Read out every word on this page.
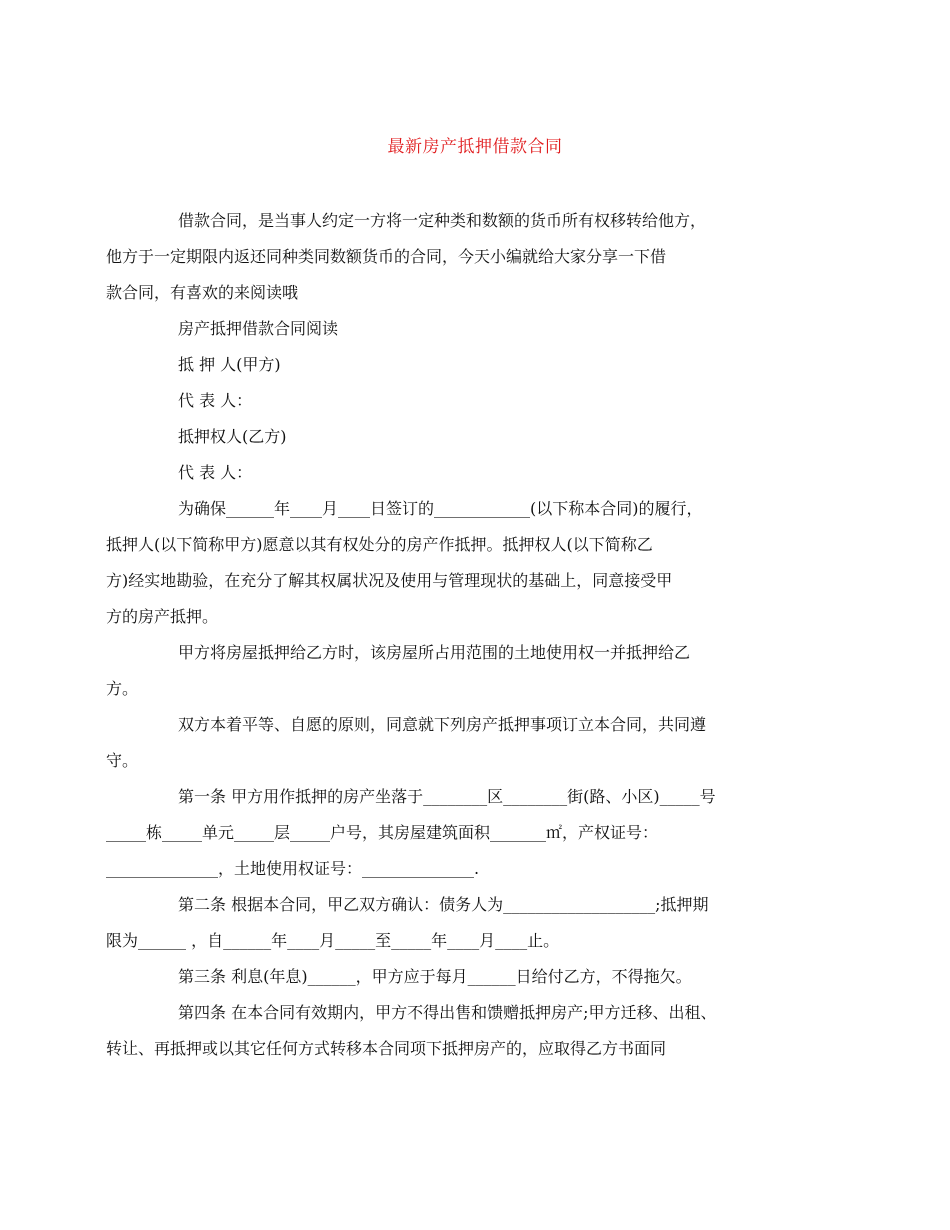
最新房产抵押借款合同

借款合同，是当事人约定一方将一定种类和数额的货币所有权移转给他方，
他方于一定期限内返还同种类同数额货币的合同，今天小编就给大家分享一下借
款合同，有喜欢的来阅读哦

房产抵押借款合同阅读

抵 押 人(甲方)

代 表 人：

抵押权人(乙方)

代 表 人：

为确保______年____月____日签订的____________(以下称本合同)的履行，
抵押人(以下简称甲方)愿意以其有权处分的房产作抵押。抵押权人(以下简称乙
方)经实地勘验，在充分了解其权属状况及使用与管理现状的基础上，同意接受甲
方的房产抵押。

甲方将房屋抵押给乙方时，该房屋所占用范围的土地使用权一并抵押给乙
方。

双方本着平等、自愿的原则，同意就下列房产抵押事项订立本合同，共同遵
守。

第一条 甲方用作抵押的房产坐落于________区________街(路、小区)_____号
_____栋_____单元_____层_____户号，其房屋建筑面积_______㎡，产权证号：
______________，土地使用权证号：______________.

第二条 根据本合同，甲乙双方确认：债务人为___________________;抵押期
限为______ ，自______年____月_____至_____年____月____止。

第三条 利息(年息)______，甲方应于每月______日给付乙方，不得拖欠。

第四条 在本合同有效期内，甲方不得出售和馈赠抵押房产;甲方迁移、出租、
转让、再抵押或以其它任何方式转移本合同项下抵押房产的，应取得乙方书面同
